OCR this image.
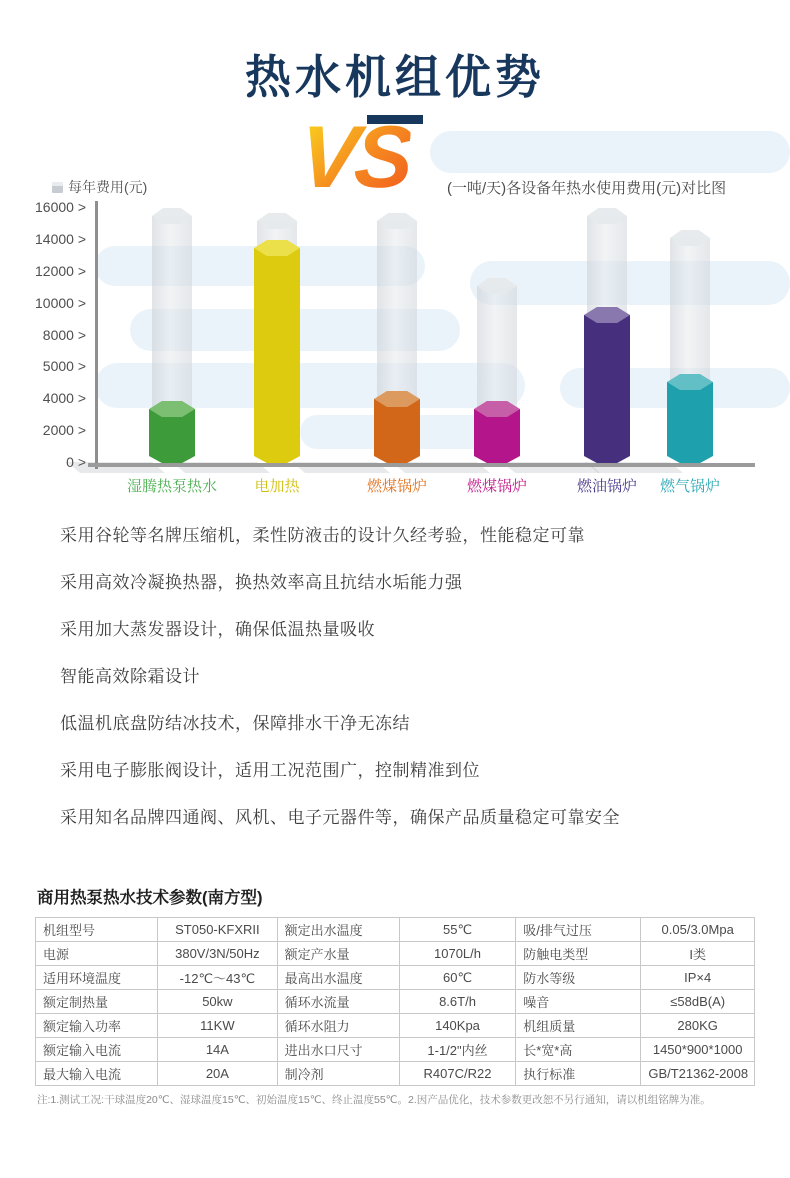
热水机组优势
VS (一吨/天)各设备年热水使用费用(元)对比图
每年费用(元)
16000 >
14000 >
12000 >
10000 >
8000 >
5000 >
4000 >
2000 >
0 >
湿腾热泵热水	电加热	燃煤锅炉	燃煤锅炉	燃油锅炉	燃气锅炉
采用谷轮等名牌压缩机，柔性防液击的设计久经考验，性能稳定可靠
采用高效冷凝换热器，换热效率高且抗结水垢能力强
采用加大蒸发器设计，确保低温热量吸收
智能高效除霜设计
低温机底盘防结冰技术，保障排水干净无冻结
采用电子膨胀阀设计，适用工况范围广，控制精准到位
采用知名品牌四通阀、风机、电子元器件等，确保产品质量稳定可靠安全

商用热泵热水技术参数(南方型)

机组型号	ST050-KFXRII	额定出水温度	55℃	吸/排气过压	0.05/3.0Mpa
电源	380V/3N/50Hz	额定产水量	1070L/h	防触电类型	I类
适用环境温度	-12℃～43℃	最高出水温度	60℃	防水等级	IP×4
额定制热量	50kw	循环水流量	8.6T/h	噪音	≤58dB(A)
额定输入功率	11KW	循环水阻力	140Kpa	机组质量	280KG
额定输入电流	14A	进出水口尺寸	1-1/2"内丝	长*宽*高	1450*900*1000
最大输入电流	20A	制冷剂	R407C/R22	执行标准	GB/T21362-2008
注:1.测试工况:干球温度20℃、湿球温度15℃、初始温度15℃、终止温度55℃。2.因产品优化，技术参数更改恕不另行通知，请以机组铭牌为准。
